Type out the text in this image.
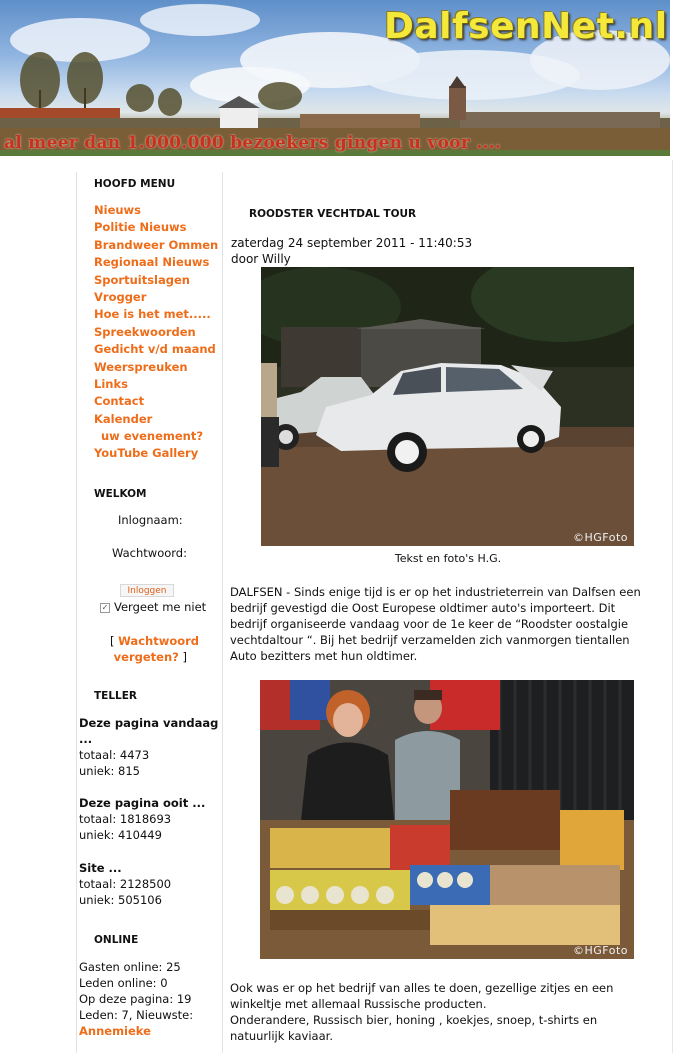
DalfsenNet.nl
al meer dan 1.000.000 bezoekers gingen u voor ....
HOOFD MENU
Nieuws
Politie Nieuws
Brandweer Ommen
Regionaal Nieuws
Sportuitslagen
Vrogger
Hoe is het met.....
Spreekwoorden
Gedicht v/d maand
Weerspreuken
Links
Contact
Kalender
uw evenement?
YouTube Gallery
WELKOM
Inlognaam:
Wachtwoord:
Inloggen
✓ Vergeet me niet
[ Wachtwoord
vergeten? ]
TELLER
Deze pagina vandaag
...
totaal: 4473
uniek: 815
Deze pagina ooit ...
totaal: 1818693
uniek: 410449
Site ...
totaal: 2128500
uniek: 505106
ONLINE
Gasten online: 25
Leden online: 0
Op deze pagina: 19
Leden: 7, Nieuwste:
Annemieke
ROODSTER VECHTDAL TOUR
zaterdag 24 september 2011 - 11:40:53
door Willy
©HGFoto
Tekst en foto's H.G.

DALFSEN - Sinds enige tijd is er op het industrieterrein van Dalfsen een bedrijf gevestigd die Oost Europese oldtimer auto's importeert. Dit bedrijf organiseerde vandaag voor de 1e keer de “Roodster oostalgie vechtdaltour “. Bij het bedrijf verzamelden zich vanmorgen tientallen Auto bezitters met hun oldtimer.

©HGFoto

Ook was er op het bedrijf van alles te doen, gezellige zitjes en een winkeltje met allemaal Russische producten.
Onderandere, Russisch bier, honing , koekjes, snoep, t-shirts en natuurlijk kaviaar.
